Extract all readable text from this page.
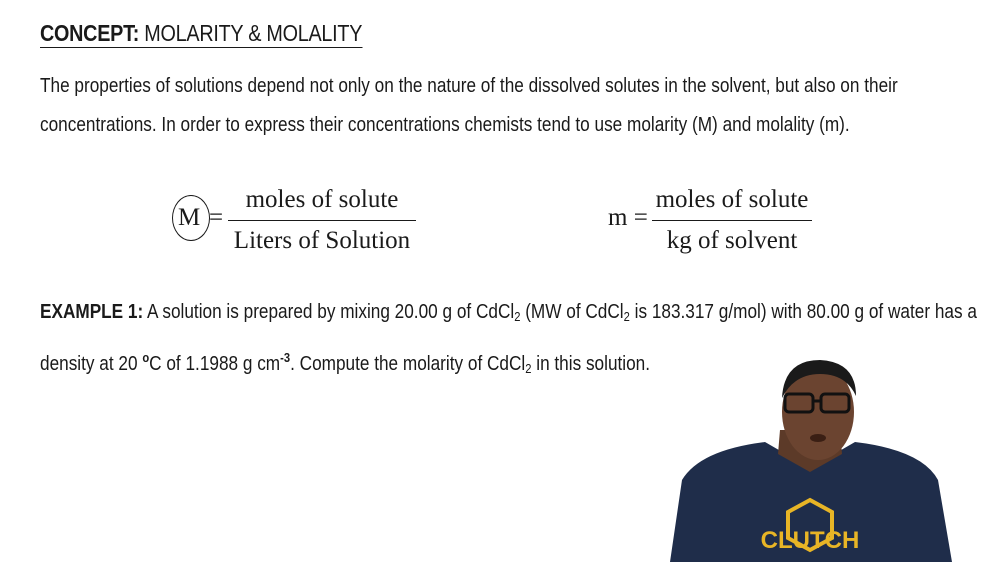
CONCEPT: MOLARITY & MOLALITY
The properties of solutions depend not only on the nature of the dissolved solutes in the solvent, but also on their
concentrations. In order to express their concentrations chemists tend to use molarity (M) and molality (m).
M =
moles of solute
Liters of Solution
m =
moles of solute
kg of solvent
EXAMPLE 1: A solution is prepared by mixing 20.00 g of CdCl$_2$ (MW of CdCl$_2$ is 183.317 g/mol) with 80.00 g of water has a
density at 20 $^o$C of 1.1988 g $cm^{-3}$. Compute the molarity of CdCl$_2$ in this solution.
CLUTCH
